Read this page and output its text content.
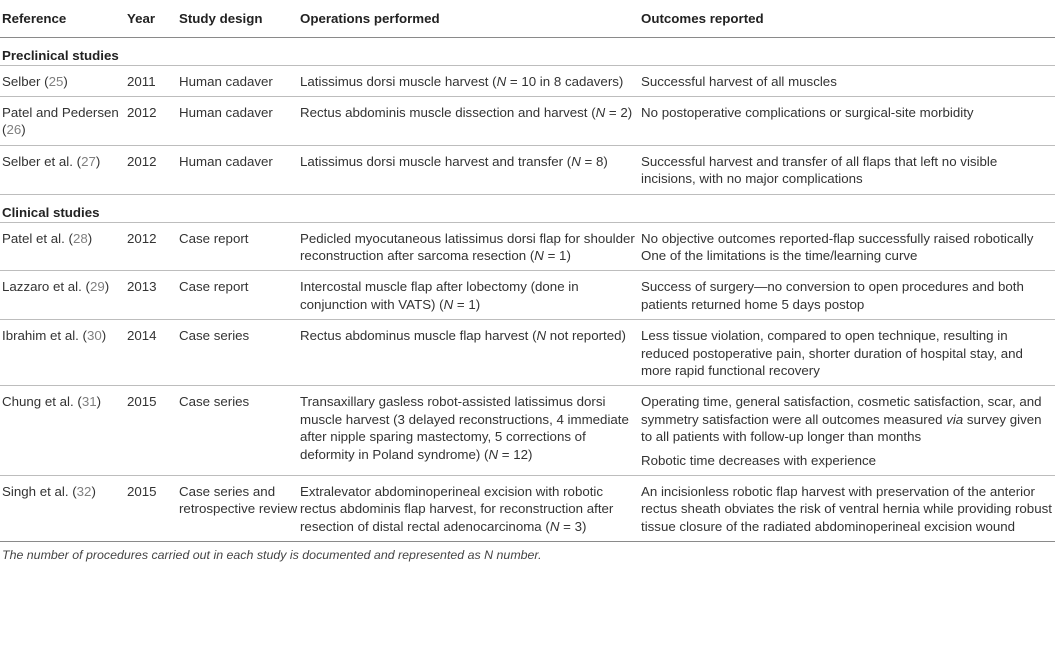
Reference	Year	Study design	Operations performed	Outcomes reported
Preclinical studies				
Selber (25)	2011	Human cadaver	Latissimus dorsi muscle harvest (N = 10 in 8 cadavers)	Successful harvest of all muscles
Patel and Pedersen (26)	2012	Human cadaver	Rectus abdominis muscle dissection and harvest (N = 2)	No postoperative complications or surgical-site morbidity
Selber et al. (27)	2012	Human cadaver	Latissimus dorsi muscle harvest and transfer (N = 8)	Successful harvest and transfer of all flaps that left no visible incisions, with no major complications
Clinical studies				
Patel et al. (28)	2012	Case report	Pedicled myocutaneous latissimus dorsi flap for shoulder reconstruction after sarcoma resection (N = 1)	No objective outcomes reported-flap successfully raised robotically
One of the limitations is the time/learning curve
Lazzaro et al. (29)	2013	Case report	Intercostal muscle flap after lobectomy (done in conjunction with VATS) (N = 1)	Success of surgery—no conversion to open procedures and both patients returned home 5 days postop
Ibrahim et al. (30)	2014	Case series	Rectus abdominus muscle flap harvest (N not reported)	Less tissue violation, compared to open technique, resulting in reduced postoperative pain, shorter duration of hospital stay, and more rapid functional recovery
Chung et al. (31)	2015	Case series	Transaxillary gasless robot-assisted latissimus dorsi muscle harvest (3 delayed reconstructions, 4 immediate after nipple sparing mastectomy, 5 corrections of deformity in Poland syndrome) (N = 12)	Operating time, general satisfaction, cosmetic satisfaction, scar, and symmetry satisfaction were all outcomes measured via survey given to all patients with follow-up longer than months
Robotic time decreases with experience
Singh et al. (32)	2015	Case series and retrospective review	Extralevator abdominoperineal excision with robotic rectus abdominis flap harvest, for reconstruction after resection of distal rectal adenocarcinoma (N = 3)	An incisionless robotic flap harvest with preservation of the anterior rectus sheath obviates the risk of ventral hernia while providing robust tissue closure of the radiated abdominoperineal excision wound
The number of procedures carried out in each study is documented and represented as N number.
